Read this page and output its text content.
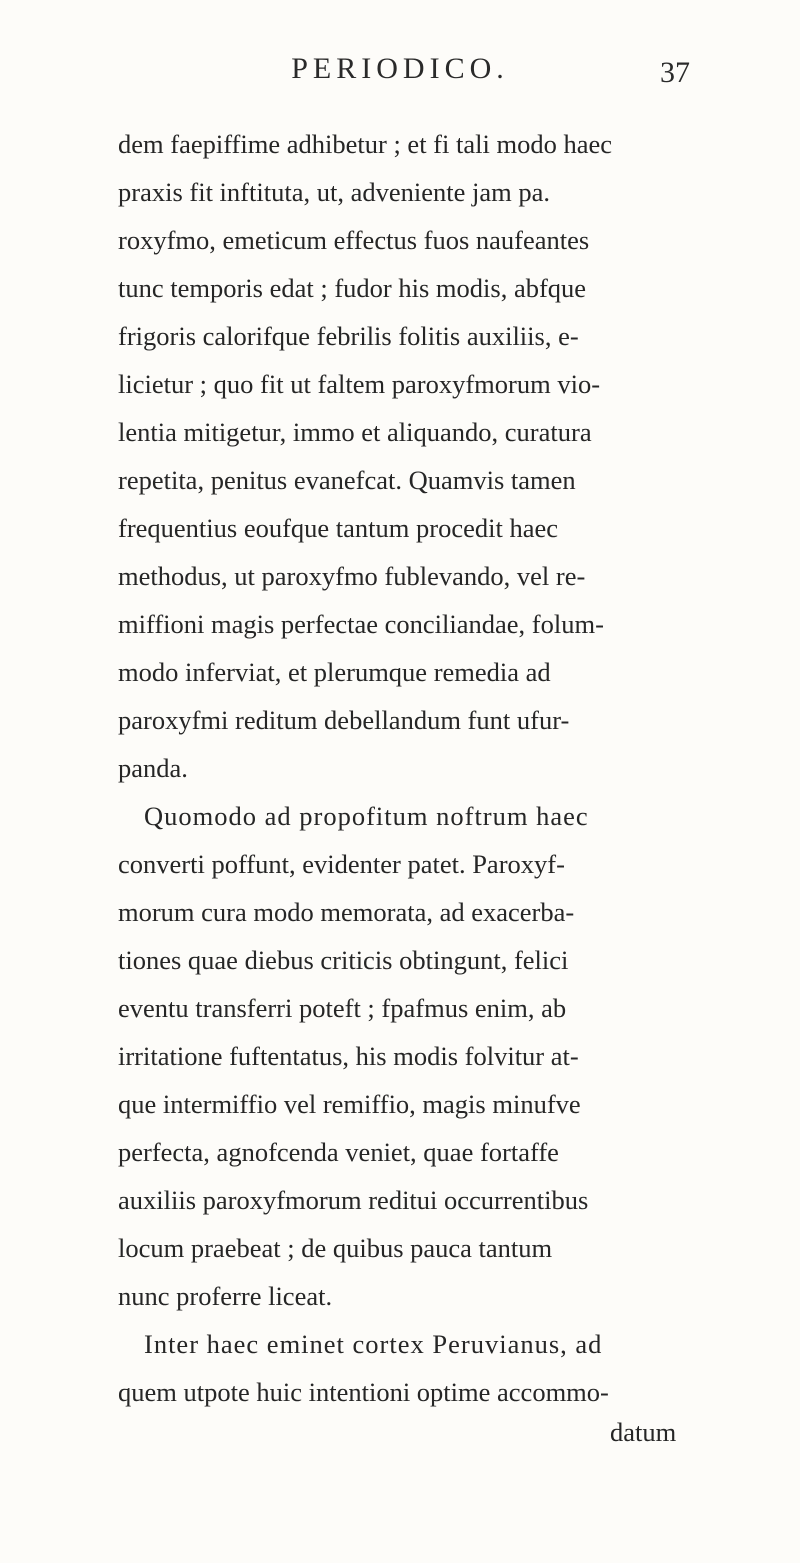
PERIODICO.	37
dem faepiffime adhibetur ; et fi tali modo haec
praxis fit inftituta, ut, adveniente jam pa.
roxyfmo, emeticum effectus fuos naufeantes
tunc temporis edat ; fudor his modis, abfque
frigoris calorifque febrilis folitis auxiliis, e-
licietur ; quo fit ut faltem paroxyfmorum vio-
lentia mitigetur, immo et aliquando, curatura
repetita, penitus evanefcat. Quamvis tamen
frequentius eoufque tantum procedit haec
methodus, ut paroxyfmo fublevando, vel re-
miffioni magis perfectae conciliandae, folum-
modo inferviat, et plerumque remedia ad
paroxyfmi reditum debellandum funt ufur-
panda.
Quomodo ad propofitum noftrum haec
converti poffunt, evidenter patet. Paroxyf-
morum cura modo memorata, ad exacerba-
tiones quae diebus criticis obtingunt, felici
eventu transferri poteft ; fpafmus enim, ab
irritatione fuftentatus, his modis folvitur at-
que intermiffio vel remiffio, magis minufve
perfecta, agnofcenda veniet, quae fortaffe
auxiliis paroxyfmorum reditui occurrentibus
locum praebeat ; de quibus pauca tantum
nunc proferre liceat.
Inter haec eminet cortex Peruvianus, ad
quem utpote huic intentioni optime accommo-
datum
